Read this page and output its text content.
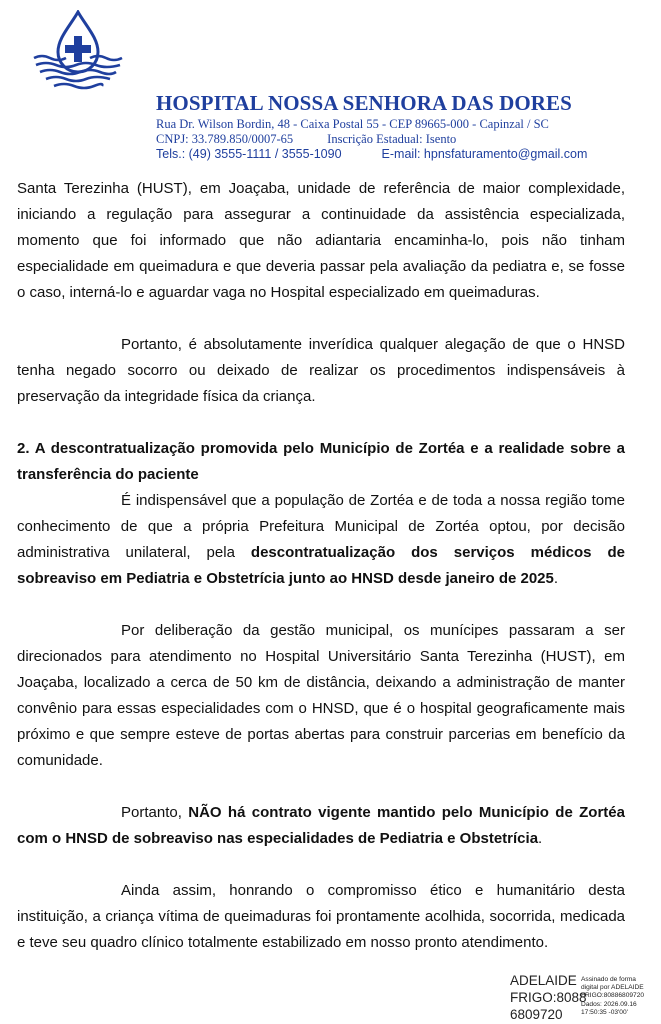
HOSPITAL NOSSA SENHORA DAS DORES
Rua Dr. Wilson Bordin, 48 - Caixa Postal 55 - CEP 89665-000 - Capinzal / SC
CNPJ: 33.789.850/0007-65	Inscrição Estadual: Isento
Tels.: (49) 3555-1111 / 3555-1090	E-mail: hpnsfaturamento@gmail.com

Santa Terezinha (HUST), em Joaçaba, unidade de referência de maior complexidade, iniciando a regulação para assegurar a continuidade da assistência especializada, momento que foi informado que não adiantaria encaminha-lo, pois não tinham especialidade em queimadura e que deveria passar pela avaliação da pediatra e, se fosse o caso, interná-lo e aguardar vaga no Hospital especializado em queimaduras.

Portanto, é absolutamente inverídica qualquer alegação de que o HNSD tenha negado socorro ou deixado de realizar os procedimentos indispensáveis à preservação da integridade física da criança.

2. A descontratualização promovida pelo Município de Zortéa e a realidade sobre a transferência do paciente

É indispensável que a população de Zortéa e de toda a nossa região tome conhecimento de que a própria Prefeitura Municipal de Zortéa optou, por decisão administrativa unilateral, pela descontratualização dos serviços médicos de sobreaviso em Pediatria e Obstetrícia junto ao HNSD desde janeiro de 2025.

Por deliberação da gestão municipal, os munícipes passaram a ser direcionados para atendimento no Hospital Universitário Santa Terezinha (HUST), em Joaçaba, localizado a cerca de 50 km de distância, deixando a administração de manter convênio para essas especialidades com o HNSD, que é o hospital geograficamente mais próximo e que sempre esteve de portas abertas para construir parcerias em benefício da comunidade.

Portanto, NÃO há contrato vigente mantido pelo Município de Zortéa com o HNSD de sobreaviso nas especialidades de Pediatria e Obstetrícia.

Ainda assim, honrando o compromisso ético e humanitário desta instituição, a criança vítima de queimaduras foi prontamente acolhida, socorrida, medicada e teve seu quadro clínico totalmente estabilizado em nosso pronto atendimento.

ADELAIDE
FRIGO:8088
6809720
Assinado de forma
digital por ADELAIDE
FRIGO:80886809720
Dados: 2026.09.16
17:50:35 -03'00'
